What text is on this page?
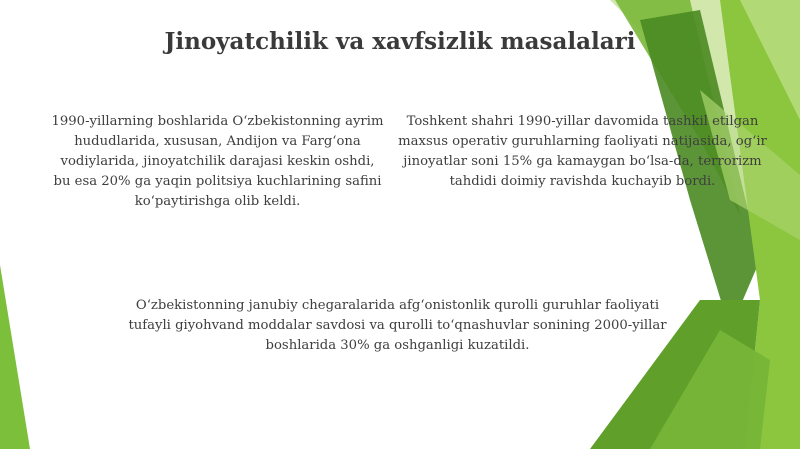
Jinoyatchilik va xavfsizlik masalalari
1990-yillarning boshlarida O‘zbekistonning ayrim hududlarida, xususan, Andijon va Farg‘ona vodiylarida, jinoyatchilik darajasi keskin oshdi, bu esa 20% ga yaqin politsiya kuchlarining safini ko‘paytirishga olib keldi.
Toshkent shahri 1990-yillar davomida tashkil etilgan maxsus operativ guruhlarning faoliyati natijasida, og‘ir jinoyatlar soni 15% ga kamaygan bo‘lsa-da, terrorizm tahdidi doimiy ravishda kuchayib bordi.
O‘zbekistonning janubiy chegaralarida afg‘onistonlik qurolli guruhlar faoliyati tufayli giyohvand moddalar savdosi va qurolli to‘qnashuvlar sonining 2000-yillar boshlarida 30% ga oshganligi kuzatildi.
